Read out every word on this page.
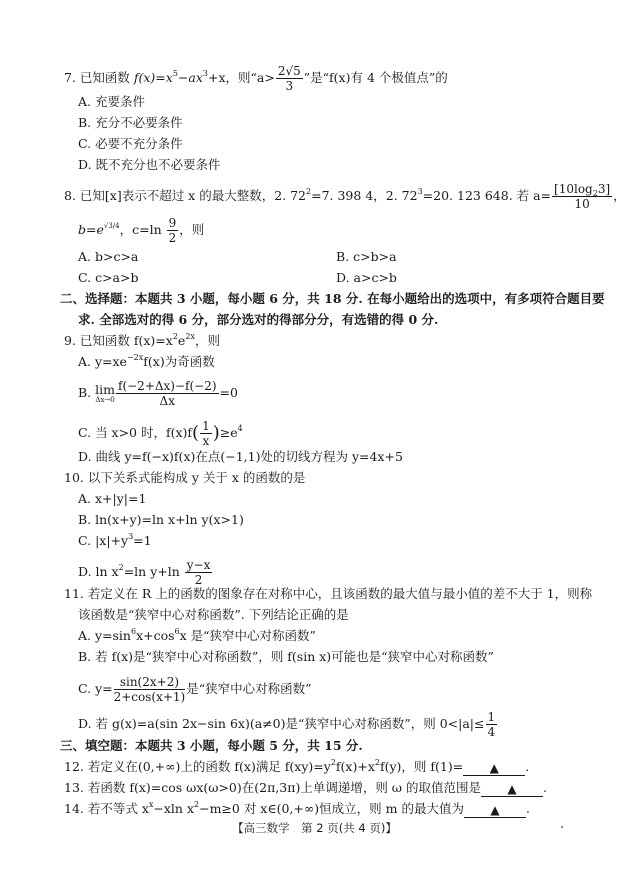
7. 已知函数 $f(x)=x^5-ax^3+x$，则“$a> \frac{2√5}{3}$ ”是“f(x)有 4 个极值点”的
A. 充要条件
B. 充分不必要条件
C. 必要不充分条件
D. 既不充分也不必要条件
8. 已知[x]表示不超过 x 的最大整数，2. $72^2=7$. 398 4，2. $72^3=20$. 123 648. 若 $a= \frac{[10\log_23]}{10}$ ，
$b=e^{√3/4}$，$c=\ln \frac{9}{2}$ ，则
A. b>c>a	B. c>b>a
C. c>a>b	D. a>c>b
二、选择题：本题共 3 小题，每小题 6 分，共 18 分. 在每小题给出的选项中，有多项符合题目要
求. 全部选对的得 6 分，部分选对的得部分分，有选错的得 0 分.
9. 已知函数 $f(x)=x^2e^{2x}$，则
A. $y=xe^{-2x}f(x)$为奇函数
B. lim
$\Delta x\to 0 \frac{f(-2+\Delta x)-f(-2)}{\Delta x} =0$
C. 当 x>0 时，$f(x)f( \frac{1}{x} )\ge e^4$
D. 曲线 y=f(−x)f(x)在点(−1,1)处的切线方程为 y=4x+5
10. 以下关系式能构成 y 关于 x 的函数的是
A. x+|y|=1
B. ln(x+y)=ln x+ln y(x>1)
C. $|x|+y^3=1$
D. $\ln x^2=\ln$ $y+\ln \frac{y-x}{2}$
11. 若定义在 R 上的函数的图象存在对称中心，且该函数的最大值与最小值的差不大于 1，则称
该函数是“狭窄中心对称函数”. 下列结论正确的是
A. $y=\sin^6x+\cos^6x$ 是“狭窄中心对称函数”
B. 若 f(x)是“狭窄中心对称函数”，则 f(sin x)可能也是“狭窄中心对称函数”
C. $y= \frac{\sin(2x+2)}{2+\cos(x+1)}$ 是“狭窄中心对称函数”
D. 若 g(x)=a(sin 2x−sin 6x)(a≠0)是“狭窄中心对称函数”，则 $0<|a|\le \frac{1}{4}$
三、填空题：本题共 3 小题，每小题 5 分，共 15 分.
12. 若定义在(0,+∞)上的函数 f(x)满足 $f(xy)=y^2f(x)+x^2f(y)$，则 f(1)= ▲ .
13. 若函数 f(x)=cos ωx(ω>0)在(2π,3π)上单调递增，则 ω 的取值范围是 ▲ .
14. 若不等式 $x^x-xln$ $x^2-m\ge 0$ 对 x∈(0,+∞)恒成立，则 m 的最大值为 ▲ .
【高三数学　第 2 页(共 4 页)】
